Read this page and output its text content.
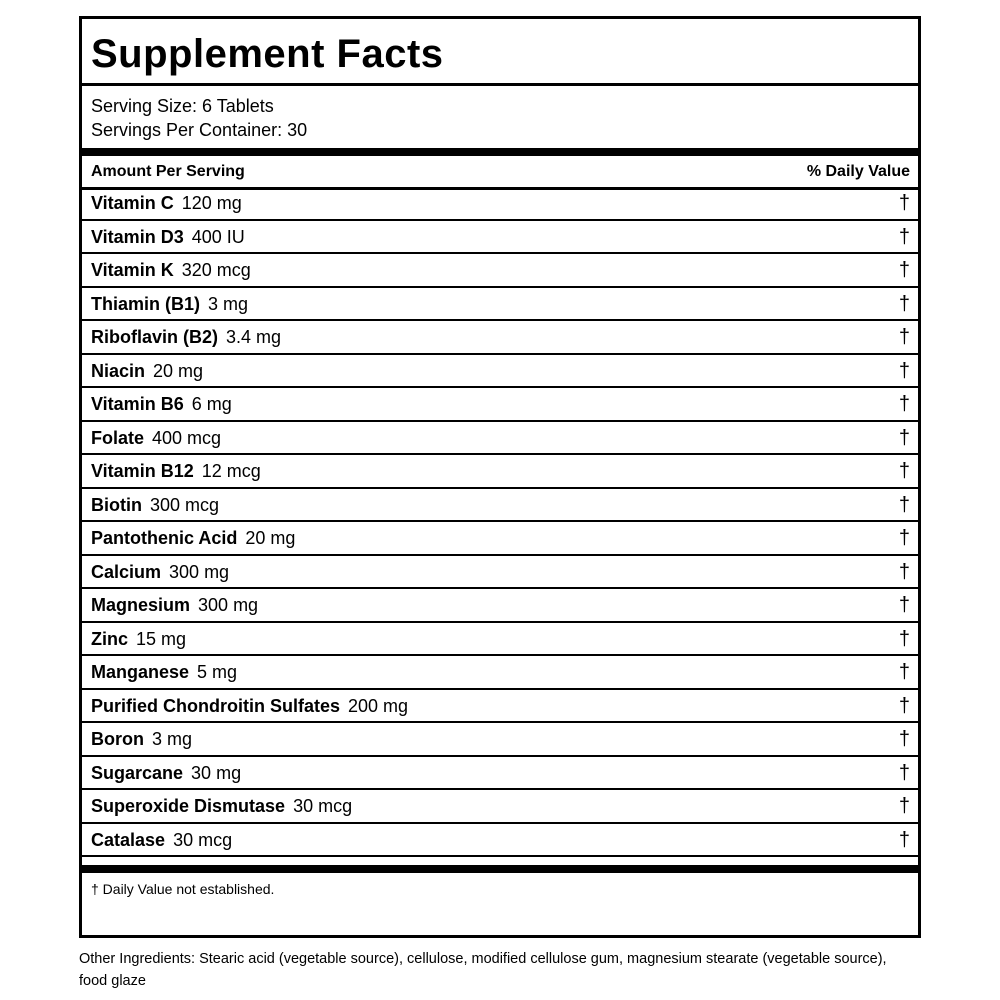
Supplement Facts
Serving Size: 6 Tablets
Servings Per Container: 30
Amount Per Serving	% Daily Value
Vitamin C 120 mg	†
Vitamin D3 400 IU	†
Vitamin K 320 mcg	†
Thiamin (B1) 3 mg	†
Riboflavin (B2) 3.4 mg	†
Niacin 20 mg	†
Vitamin B6 6 mg	†
Folate 400 mcg	†
Vitamin B12 12 mcg	†
Biotin 300 mcg	†
Pantothenic Acid 20 mg	†
Calcium 300 mg	†
Magnesium 300 mg	†
Zinc 15 mg	†
Manganese 5 mg	†
Purified Chondroitin Sulfates 200 mg	†
Boron 3 mg	†
Sugarcane 30 mg	†
Superoxide Dismutase 30 mcg	†
Catalase 30 mcg	†
† Daily Value not established.
Other Ingredients: Stearic acid (vegetable source), cellulose, modified cellulose gum, magnesium stearate (vegetable source), food glaze
